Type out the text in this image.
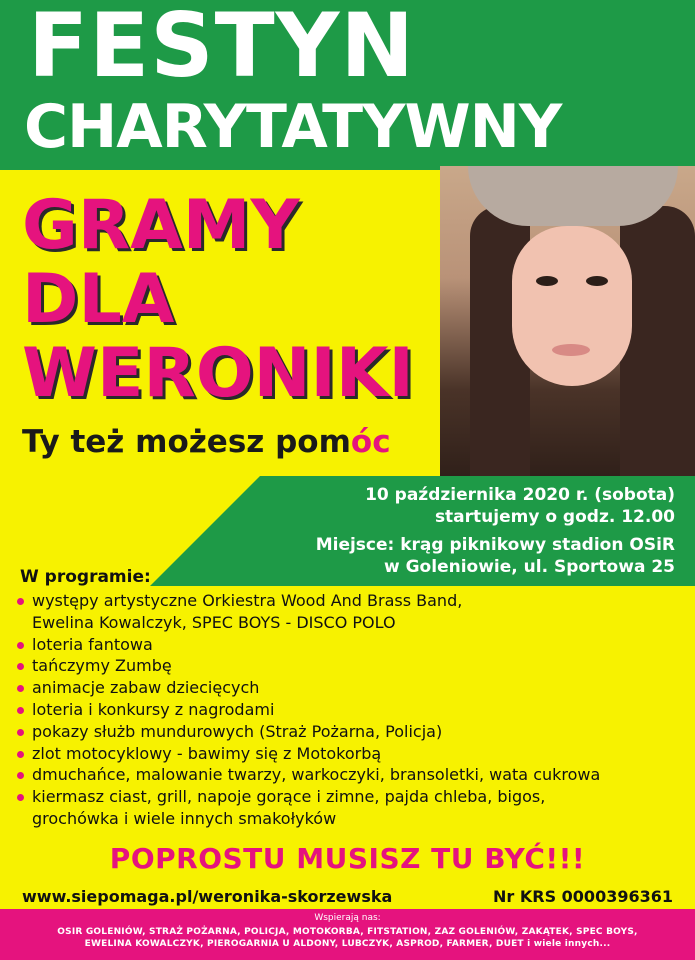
FESTYN
CHARYTATYWNY
GRAMY
DLA
WERONIKI
Ty też możesz pomóc
10 października 2020 r. (sobota)
startujemy o godz. 12.00
Miejsce: krąg piknikowy stadion OSiR
w Goleniowie, ul. Sportowa 25
W programie:
występy artystyczne Orkiestra Wood And Brass Band,
Ewelina Kowalczyk, SPEC BOYS - DISCO POLO
loteria fantowa
tańczymy Zumbę
animacje zabaw dziecięcych
loteria i konkursy z nagrodami
pokazy służb mundurowych (Straż Pożarna, Policja)
zlot motocyklowy - bawimy się z Motokorbą
dmuchańce, malowanie twarzy, warkoczyki, bransoletki, wata cukrowa
kiermasz ciast, grill, napoje gorące i zimne, pajda chleba, bigos,
grochówka i wiele innych smakołyków
POPROSTU MUSISZ TU BYĆ!!!
www.siepomaga.pl/weronika-skorzewska	Nr KRS 0000396361
Wspierają nas:
OSIR GOLENIÓW, STRAŻ POŻARNA, POLICJA, MOTOKORBA, FITSTATION, ZAZ GOLENIÓW, ZAKĄTEK, SPEC BOYS,
EWELINA KOWALCZYK, PIEROGARNIA U ALDONY, LUBCZYK, ASPROD, FARMER, DUET i wiele innych...
